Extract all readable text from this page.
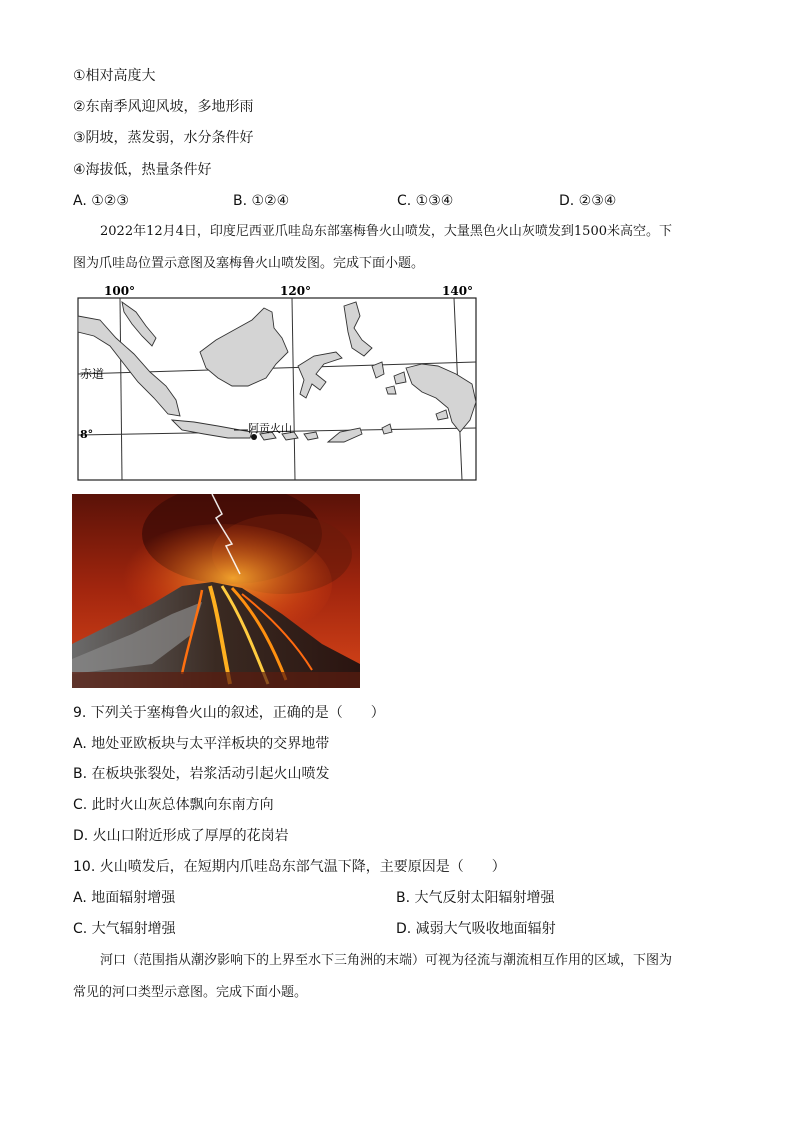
①相对高度大
②东南季风迎风坡，多地形雨
③阴坡，蒸发弱，水分条件好
④海拔低，热量条件好
A. ①②③	B. ①②④	C. ①③④	D. ②③④
2022年12月4日，印度尼西亚爪哇岛东部塞梅鲁火山喷发，大量黑色火山灰喷发到1500米高空。下
图为爪哇岛位置示意图及塞梅鲁火山喷发图。完成下面小题。
100°	120°	140°
赤道
8°	阿贡火山
9. 下列关于塞梅鲁火山的叙述，正确的是（　　）
A. 地处亚欧板块与太平洋板块的交界地带
B. 在板块张裂处，岩浆活动引起火山喷发
C. 此时火山灰总体飘向东南方向
D. 火山口附近形成了厚厚的花岗岩
10. 火山喷发后，在短期内爪哇岛东部气温下降，主要原因是（　　）
A. 地面辐射增强	B. 大气反射太阳辐射增强
C. 大气辐射增强	D. 减弱大气吸收地面辐射
河口（范围指从潮汐影响下的上界至水下三角洲的末端）可视为径流与潮流相互作用的区域，下图为
常见的河口类型示意图。完成下面小题。
